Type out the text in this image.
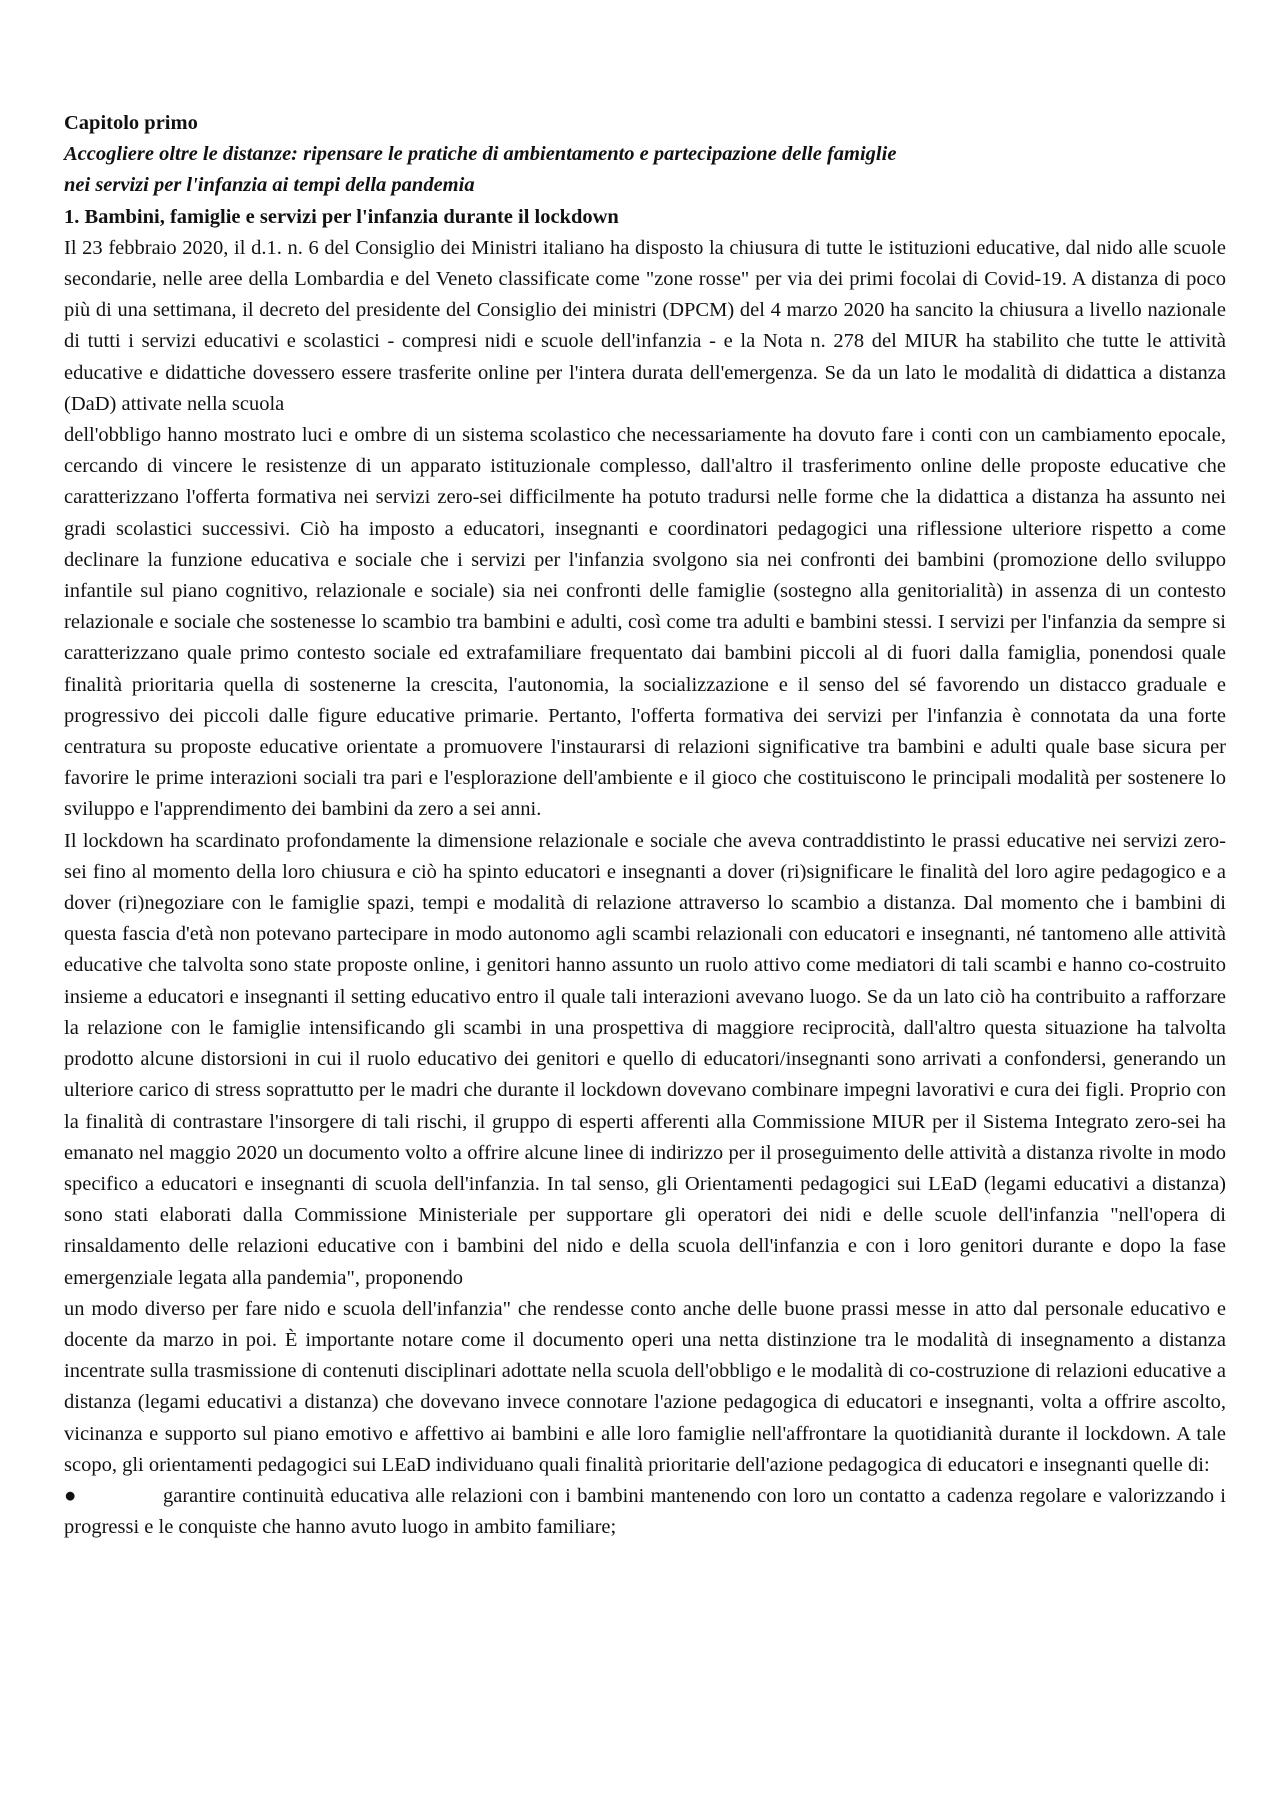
Capitolo primo

Accogliere oltre le distanze: ripensare le pratiche di ambientamento e partecipazione delle famiglie nei servizi per l'infanzia ai tempi della pandemia

1. Bambini, famiglie e servizi per l'infanzia durante il lockdown

Il 23 febbraio 2020, il d.1. n. 6 del Consiglio dei Ministri italiano ha disposto la chiusura di tutte le istituzioni educative, dal nido alle scuole secondarie, nelle aree della Lombardia e del Veneto classificate come "zone rosse" per via dei primi focolai di Covid-19. A distanza di poco più di una settimana, il decreto del presidente del Consiglio dei ministri (DPCM) del 4 marzo 2020 ha sancito la chiusura a livello nazionale di tutti i servizi educativi e scolastici - compresi nidi e scuole dell'infanzia - e la Nota n. 278 del MIUR ha stabilito che tutte le attività educative e didattiche dovessero essere trasferite online per l'intera durata dell'emergenza. Se da un lato le modalità di didattica a distanza (DaD) attivate nella scuola

dell'obbligo hanno mostrato luci e ombre di un sistema scolastico che necessariamente ha dovuto fare i conti con un cambiamento epocale, cercando di vincere le resistenze di un apparato istituzionale complesso, dall'altro il trasferimento online delle proposte educative che caratterizzano l'offerta formativa nei servizi zero-sei difficilmente ha potuto tradursi nelle forme che la didattica a distanza ha assunto nei gradi scolastici successivi. Ciò ha imposto a educatori, insegnanti e coordinatori pedagogici una riflessione ulteriore rispetto a come declinare la funzione educativa e sociale che i servizi per l'infanzia svolgono sia nei confronti dei bambini (promozione dello sviluppo infantile sul piano cognitivo, relazionale e sociale) sia nei confronti delle famiglie (sostegno alla genitorialità) in assenza di un contesto relazionale e sociale che sostenesse lo scambio tra bambini e adulti, così come tra adulti e bambini stessi. I servizi per l'infanzia da sempre si caratterizzano quale primo contesto sociale ed extrafamiliare frequentato dai bambini piccoli al di fuori dalla famiglia, ponendosi quale finalità prioritaria quella di sostenerne la crescita, l'autonomia, la socializzazione e il senso del sé favorendo un distacco graduale e progressivo dei piccoli dalle figure educative primarie. Pertanto, l'offerta formativa dei servizi per l'infanzia è connotata da una forte centratura su proposte educative orientate a promuovere l'instaurarsi di relazioni significative tra bambini e adulti quale base sicura per favorire le prime interazioni sociali tra pari e l'esplorazione dell'ambiente e il gioco che costituiscono le principali modalità per sostenere lo sviluppo e l'apprendimento dei bambini da zero a sei anni.

Il lockdown ha scardinato profondamente la dimensione relazionale e sociale che aveva contraddistinto le prassi educative nei servizi zero-sei fino al momento della loro chiusura e ciò ha spinto educatori e insegnanti a dover (ri)significare le finalità del loro agire pedagogico e a dover (ri)negoziare con le famiglie spazi, tempi e modalità di relazione attraverso lo scambio a distanza. Dal momento che i bambini di questa fascia d'età non potevano partecipare in modo autonomo agli scambi relazionali con educatori e insegnanti, né tantomeno alle attività educative che talvolta sono state proposte online, i genitori hanno assunto un ruolo attivo come mediatori di tali scambi e hanno co-costruito insieme a educatori e insegnanti il setting educativo entro il quale tali interazioni avevano luogo. Se da un lato ciò ha contribuito a rafforzare la relazione con le famiglie intensificando gli scambi in una prospettiva di maggiore reciprocità, dall'altro questa situazione ha talvolta prodotto alcune distorsioni in cui il ruolo educativo dei genitori e quello di educatori/insegnanti sono arrivati a confondersi, generando un ulteriore carico di stress soprattutto per le madri che durante il lockdown dovevano combinare impegni lavorativi e cura dei figli. Proprio con la finalità di contrastare l'insorgere di tali rischi, il gruppo di esperti afferenti alla Commissione MIUR per il Sistema Integrato zero-sei ha emanato nel maggio 2020 un documento volto a offrire alcune linee di indirizzo per il proseguimento delle attività a distanza rivolte in modo specifico a educatori e insegnanti di scuola dell'infanzia. In tal senso, gli Orientamenti pedagogici sui LEaD (legami educativi a distanza) sono stati elaborati dalla Commissione Ministeriale per supportare gli operatori dei nidi e delle scuole dell'infanzia "nell'opera di rinsaldamento delle relazioni educative con i bambini del nido e della scuola dell'infanzia e con i loro genitori durante e dopo la fase emergenziale legata alla pandemia", proponendo

un modo diverso per fare nido e scuola dell'infanzia" che rendesse conto anche delle buone prassi messe in atto dal personale educativo e docente da marzo in poi. È importante notare come il documento operi una netta distinzione tra le modalità di insegnamento a distanza incentrate sulla trasmissione di contenuti disciplinari adottate nella scuola dell'obbligo e le modalità di co-costruzione di relazioni educative a distanza (legami educativi a distanza) che dovevano invece connotare l'azione pedagogica di educatori e insegnanti, volta a offrire ascolto, vicinanza e supporto sul piano emotivo e affettivo ai bambini e alle loro famiglie nell'affrontare la quotidianità durante il lockdown. A tale scopo, gli orientamenti pedagogici sui LEaD individuano quali finalità prioritarie dell'azione pedagogica di educatori e insegnanti quelle di:

●	garantire continuità educativa alle relazioni con i bambini mantenendo con loro un contatto a cadenza regolare e valorizzando i progressi e le conquiste che hanno avuto luogo in ambito familiare;
